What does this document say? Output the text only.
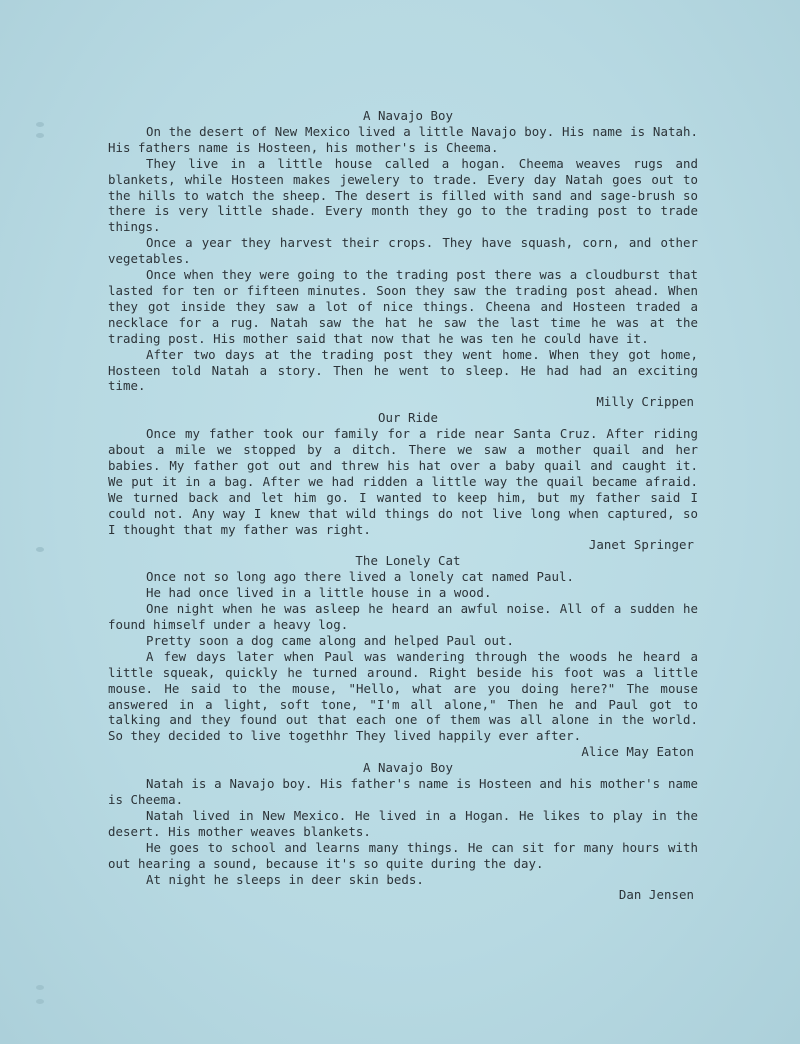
A Navajo Boy

On the desert of New Mexico lived a little Navajo boy. His name is Natah. His fathers name is Hosteen, his mother's is Cheema.

They live in a little house called a hogan. Cheema weaves rugs and blankets, while Hosteen makes jewelery to trade. Every day Natah goes out to the hills to watch the sheep. The desert is filled with sand and sage-brush so there is very little shade. Every month they go to the trading post to trade things.

Once a year they harvest their crops. They have squash, corn, and other vegetables.

Once when they were going to the trading post there was a cloudburst that lasted for ten or fifteen minutes. Soon they saw the trading post ahead. When they got inside they saw a lot of nice things. Cheena and Hosteen traded a necklace for a rug. Natah saw the hat he saw the last time he was at the trading post. His mother said that now that he was ten he could have it.

After two days at the trading post they went home. When they got home, Hosteen told Natah a story. Then he went to sleep. He had had an exciting time.

Milly Crippen

Our Ride

Once my father took our family for a ride near Santa Cruz. After riding about a mile we stopped by a ditch. There we saw a mother quail and her babies. My father got out and threw his hat over a baby quail and caught it. We put it in a bag. After we had ridden a little way the quail became afraid. We turned back and let him go. I wanted to keep him, but my father said I could not. Any way I knew that wild things do not live long when captured, so I thought that my father was right.

Janet Springer

The Lonely Cat

Once not so long ago there lived a lonely cat named Paul.

He had once lived in a little house in a wood.

One night when he was asleep he heard an awful noise. All of a sudden he found himself under a heavy log.

Pretty soon a dog came along and helped Paul out.

A few days later when Paul was wandering through the woods he heard a little squeak, quickly he turned around. Right beside his foot was a little mouse. He said to the mouse, "Hello, what are you doing here?" The mouse answered in a light, soft tone, "I'm all alone," Then he and Paul got to talking and they found out that each one of them was all alone in the world. So they decided to live togethhr They lived happily ever after.

Alice May Eaton

A Navajo Boy

Natah is a Navajo boy. His father's name is Hosteen and his mother's name is Cheema.

Natah lived in New Mexico. He lived in a Hogan. He likes to play in the desert. His mother weaves blankets.

He goes to school and learns many things. He can sit for many hours with out hearing a sound, because it's so quite during the day.

At night he sleeps in deer skin beds.

Dan Jensen
